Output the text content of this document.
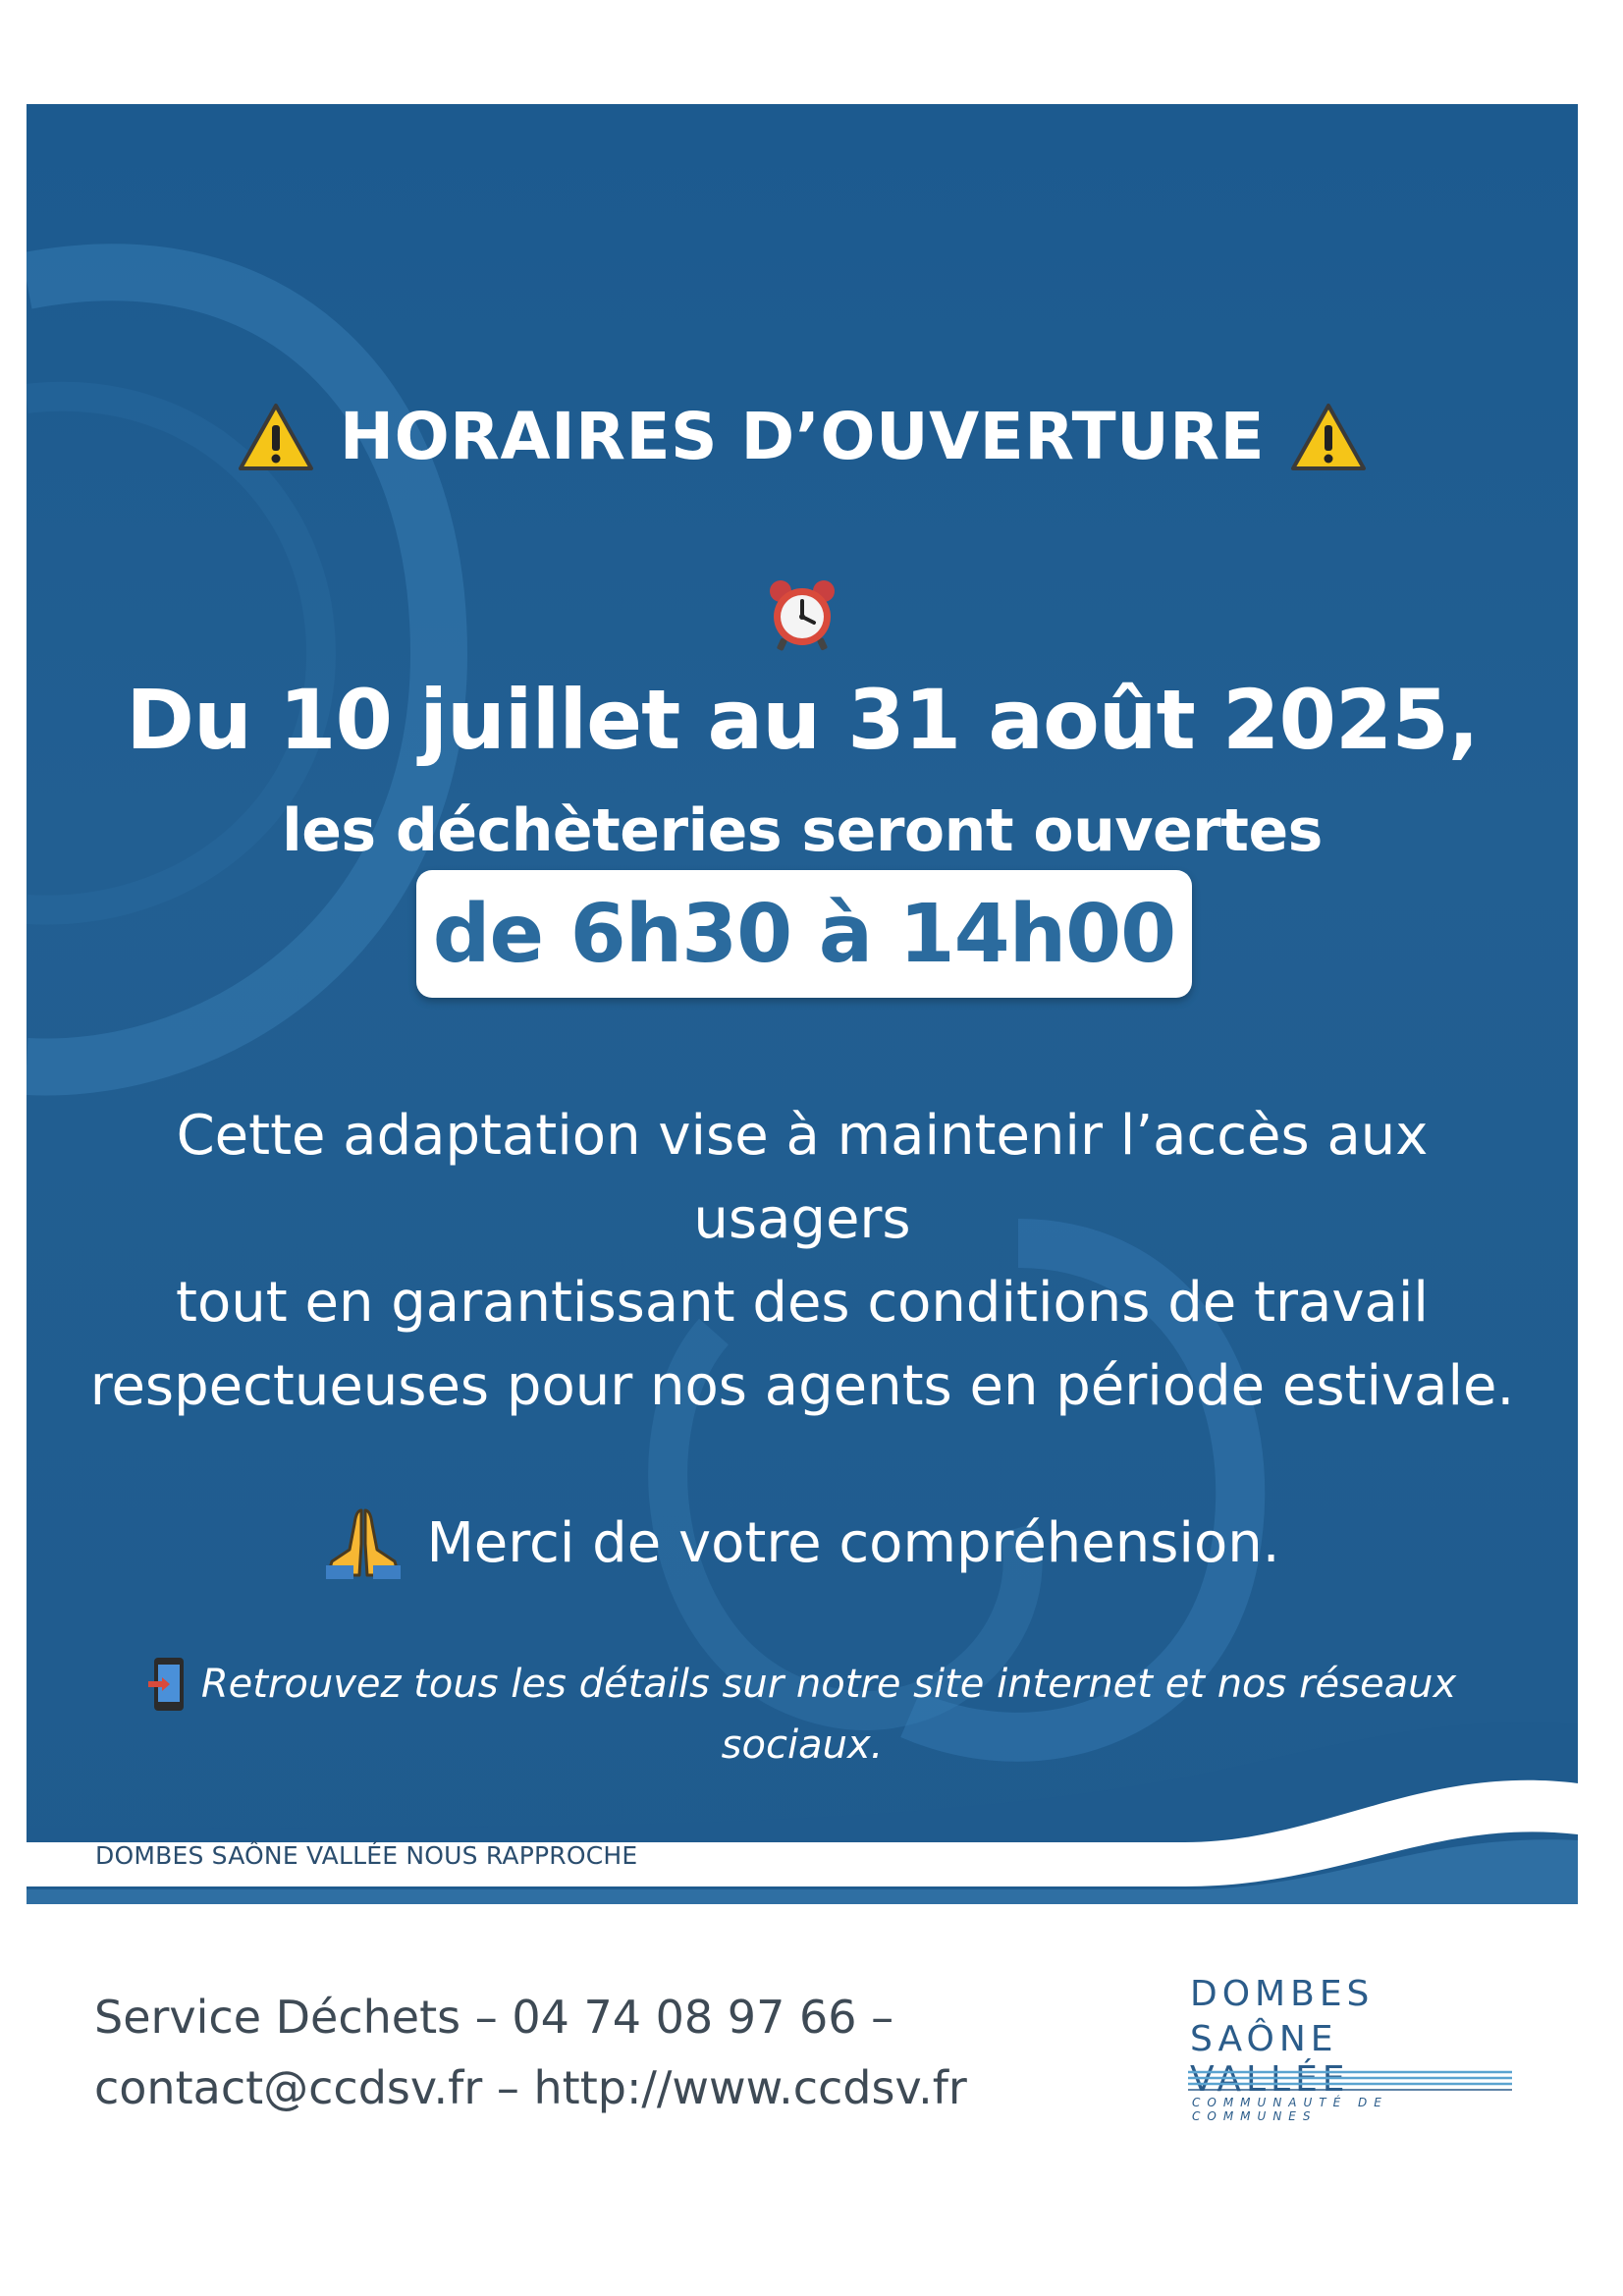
HORAIRES D’OUVERTURE
Du 10 juillet au 31 août 2025,
les déchèteries seront ouvertes
de 6h30 à 14h00
Cette adaptation vise à maintenir l’accès aux
usagers
tout en garantissant des conditions de travail
respectueuses pour nos agents en période estivale.
Merci de votre compréhension.
Retrouvez tous les détails sur notre site internet et nos réseaux
sociaux.
DOMBES SAÔNE VALLÉE NOUS RAPPROCHE
Service Déchets – 04 74 08 97 66 –
contact@ccdsv.fr – http://www.ccdsv.fr
DOMBES
SAÔNE VALLÉE
COMMUNAUTÉ DE COMMUNES
